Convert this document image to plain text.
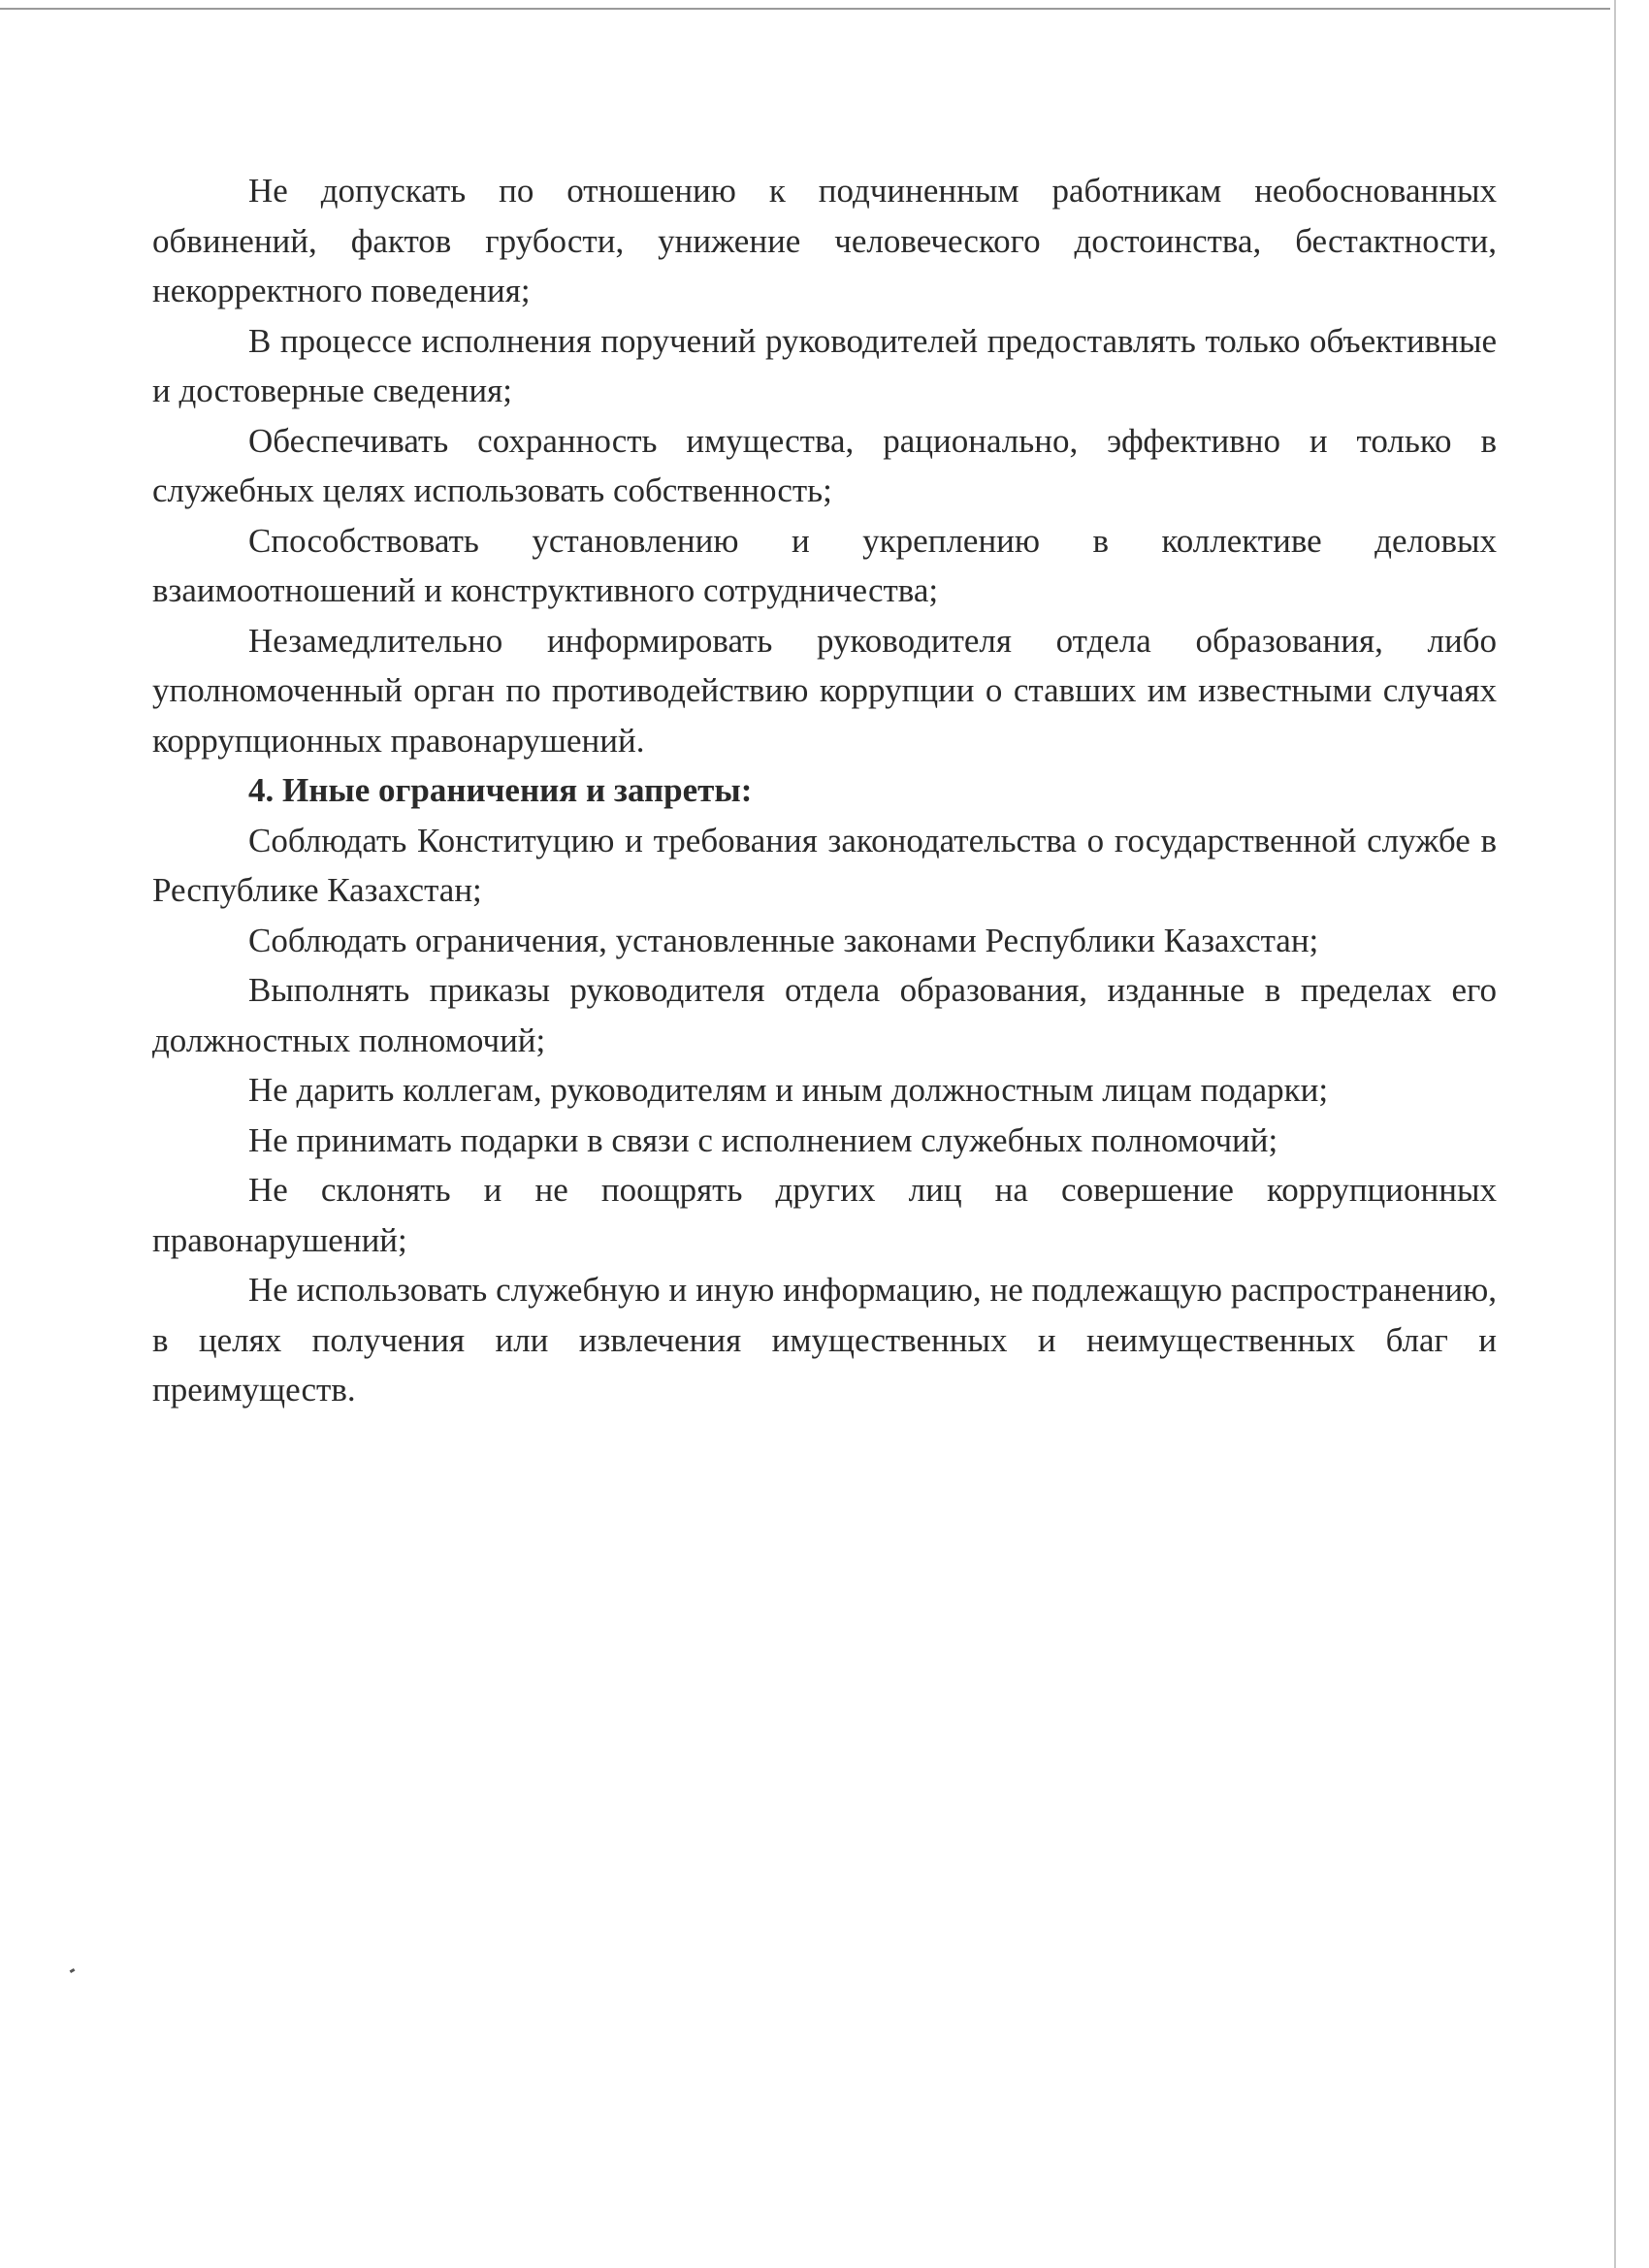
Не допускать по отношению к подчиненным работникам необоснованных обвинений, фактов грубости, унижение человеческого достоинства, бестактности, некорректного поведения;

В процессе исполнения поручений руководителей предоставлять только объективные и достоверные сведения;

Обеспечивать сохранность имущества, рационально, эффективно и только в служебных целях использовать собственность;

Способствовать установлению и укреплению в коллективе деловых взаимоотношений и конструктивного сотрудничества;

Незамедлительно информировать руководителя отдела образования, либо уполномоченный орган по противодействию коррупции о ставших им известными случаях коррупционных правонарушений.

4. Иные ограничения и запреты:

Соблюдать Конституцию и требования законодательства о государственной службе в Республике Казахстан;

Соблюдать ограничения, установленные законами Республики Казахстан;

Выполнять приказы руководителя отдела образования, изданные в пределах его должностных полномочий;

Не дарить коллегам, руководителям и иным должностным лицам подарки;

Не принимать подарки в связи с исполнением служебных полномочий;

Не склонять и не поощрять других лиц на совершение коррупционных правонарушений;

Не использовать служебную и иную информацию, не подлежащую распространению, в целях получения или извлечения имущественных и неимущественных благ и преимуществ.
